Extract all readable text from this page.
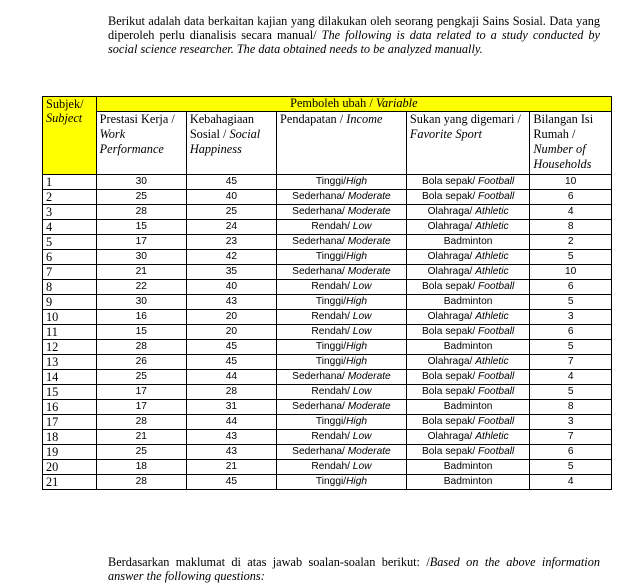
Berikut adalah data berkaitan kajian yang dilakukan oleh seorang pengkaji Sains Sosial. Data yang diperoleh perlu dianalisis secara manual/ The following is data related to a study conducted by social science researcher. The data obtained needs to be analyzed manually.
Subjek/
Subject	Pemboleh ubah / Variable				
	Prestasi Kerja / Work Performance	Kebahagiaan Sosial / Social Happiness	Pendapatan / Income	Sukan yang digemari / Favorite Sport	Bilangan Isi Rumah / Number of Households
1	30	45	Tinggi/High	Bola sepak/ Football	10
2	25	40	Sederhana/ Moderate	Bola sepak/ Football	6
3	28	25	Sederhana/ Moderate	Olahraga/ Athletic	4
4	15	24	Rendah/ Low	Olahraga/ Athletic	8
5	17	23	Sederhana/ Moderate	Badminton	2
6	30	42	Tinggi/High	Olahraga/ Athletic	5
7	21	35	Sederhana/ Moderate	Olahraga/ Athletic	10
8	22	40	Rendah/ Low	Bola sepak/ Football	6
9	30	43	Tinggi/High	Badminton	5
10	16	20	Rendah/ Low	Olahraga/ Athletic	3
11	15	20	Rendah/ Low	Bola sepak/ Football	6
12	28	45	Tinggi/High	Badminton	5
13	26	45	Tinggi/High	Olahraga/ Athletic	7
14	25	44	Sederhana/ Moderate	Bola sepak/ Football	4
15	17	28	Rendah/ Low	Bola sepak/ Football	5
16	17	31	Sederhana/ Moderate	Badminton	8
17	28	44	Tinggi/High	Bola sepak/ Football	3
18	21	43	Rendah/ Low	Olahraga/ Athletic	7
19	25	43	Sederhana/ Moderate	Bola sepak/ Football	6
20	18	21	Rendah/ Low	Badminton	5
21	28	45	Tinggi/High	Badminton	4
Berdasarkan maklumat di atas jawab soalan-soalan berikut: /Based on the above information answer the following questions:
